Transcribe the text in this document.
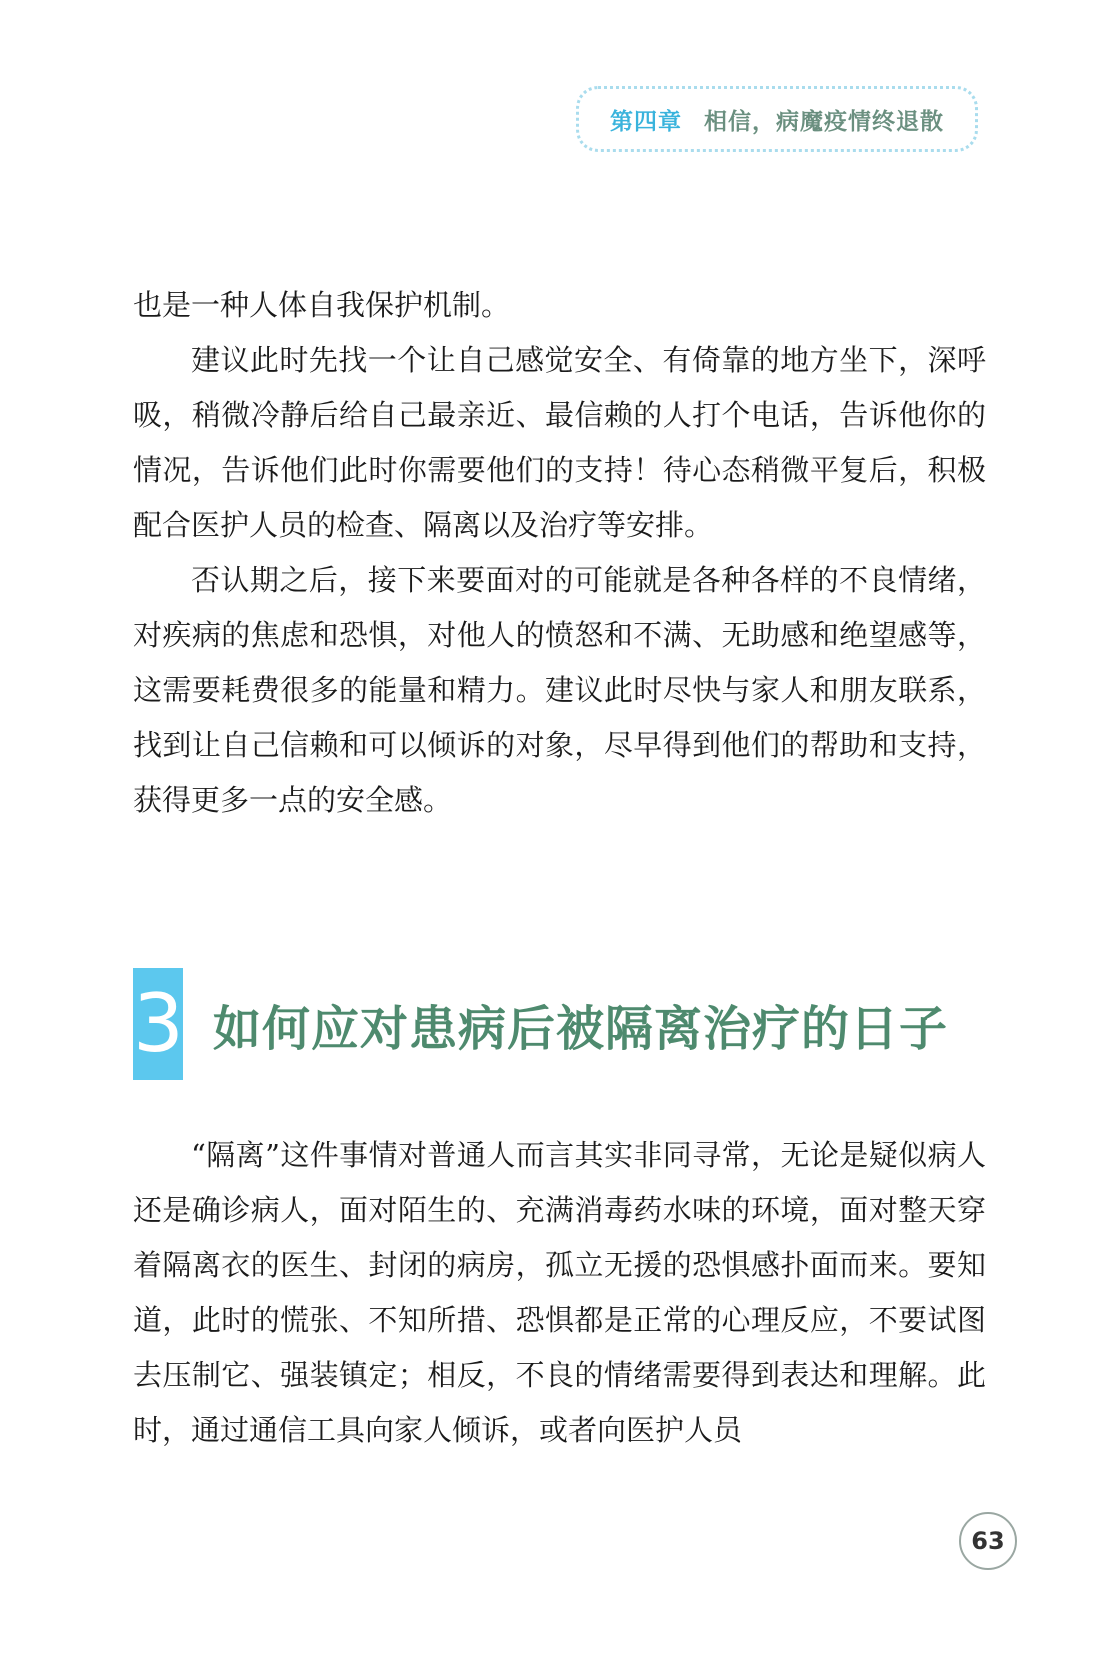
第四章 相信，病魔疫情终退散

也是一种人体自我保护机制。

建议此时先找一个让自己感觉安全、有倚靠的地方坐下，深呼吸，稍微冷静后给自己最亲近、最信赖的人打个电话，告诉他你的情况，告诉他们此时你需要他们的支持！待心态稍微平复后，积极配合医护人员的检查、隔离以及治疗等安排。

否认期之后，接下来要面对的可能就是各种各样的不良情绪，对疾病的焦虑和恐惧，对他人的愤怒和不满、无助感和绝望感等，这需要耗费很多的能量和精力。建议此时尽快与家人和朋友联系，找到让自己信赖和可以倾诉的对象，尽早得到他们的帮助和支持，获得更多一点的安全感。

3 如何应对患病后被隔离治疗的日子

“隔离”这件事情对普通人而言其实非同寻常，无论是疑似病人还是确诊病人，面对陌生的、充满消毒药水味的环境，面对整天穿着隔离衣的医生、封闭的病房，孤立无援的恐惧感扑面而来。要知道，此时的慌张、不知所措、恐惧都是正常的心理反应，不要试图去压制它、强装镇定；相反，不良的情绪需要得到表达和理解。此时，通过通信工具向家人倾诉，或者向医护人员

63
